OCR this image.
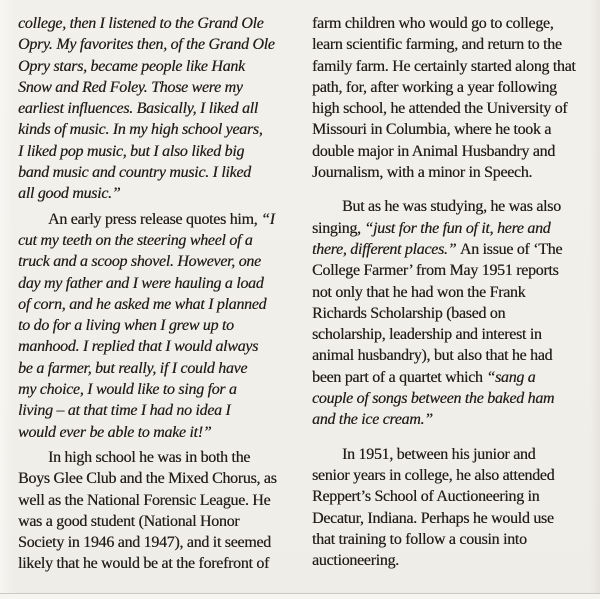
college, then I listened to the Grand Ole
Opry. My favorites then, of the Grand Ole
Opry stars, became people like Hank
Snow and Red Foley. Those were my
earliest influences. Basically, I liked all
kinds of music. In my high school years,
I liked pop music, but I also liked big
band music and country music. I liked
all good music.”
An early press release quotes him, “I
cut my teeth on the steering wheel of a
truck and a scoop shovel. However, one
day my father and I were hauling a load
of corn, and he asked me what I planned
to do for a living when I grew up to
manhood. I replied that I would always
be a farmer, but really, if I could have
my choice, I would like to sing for a
living – at that time I had no idea I
would ever be able to make it!”
In high school he was in both the
Boys Glee Club and the Mixed Chorus, as
well as the National Forensic League. He
was a good student (National Honor
Society in 1946 and 1947), and it seemed
likely that he would be at the forefront of
farm children who would go to college,
learn scientific farming, and return to the
family farm. He certainly started along that
path, for, after working a year following
high school, he attended the University of
Missouri in Columbia, where he took a
double major in Animal Husbandry and
Journalism, with a minor in Speech.
But as he was studying, he was also
singing, “just for the fun of it, here and
there, different places.” An issue of ‘The
College Farmer’ from May 1951 reports
not only that he had won the Frank
Richards Scholarship (based on
scholarship, leadership and interest in
animal husbandry), but also that he had
been part of a quartet which “sang a
couple of songs between the baked ham
and the ice cream.”
In 1951, between his junior and
senior years in college, he also attended
Reppert’s School of Auctioneering in
Decatur, Indiana. Perhaps he would use
that training to follow a cousin into
auctioneering.
